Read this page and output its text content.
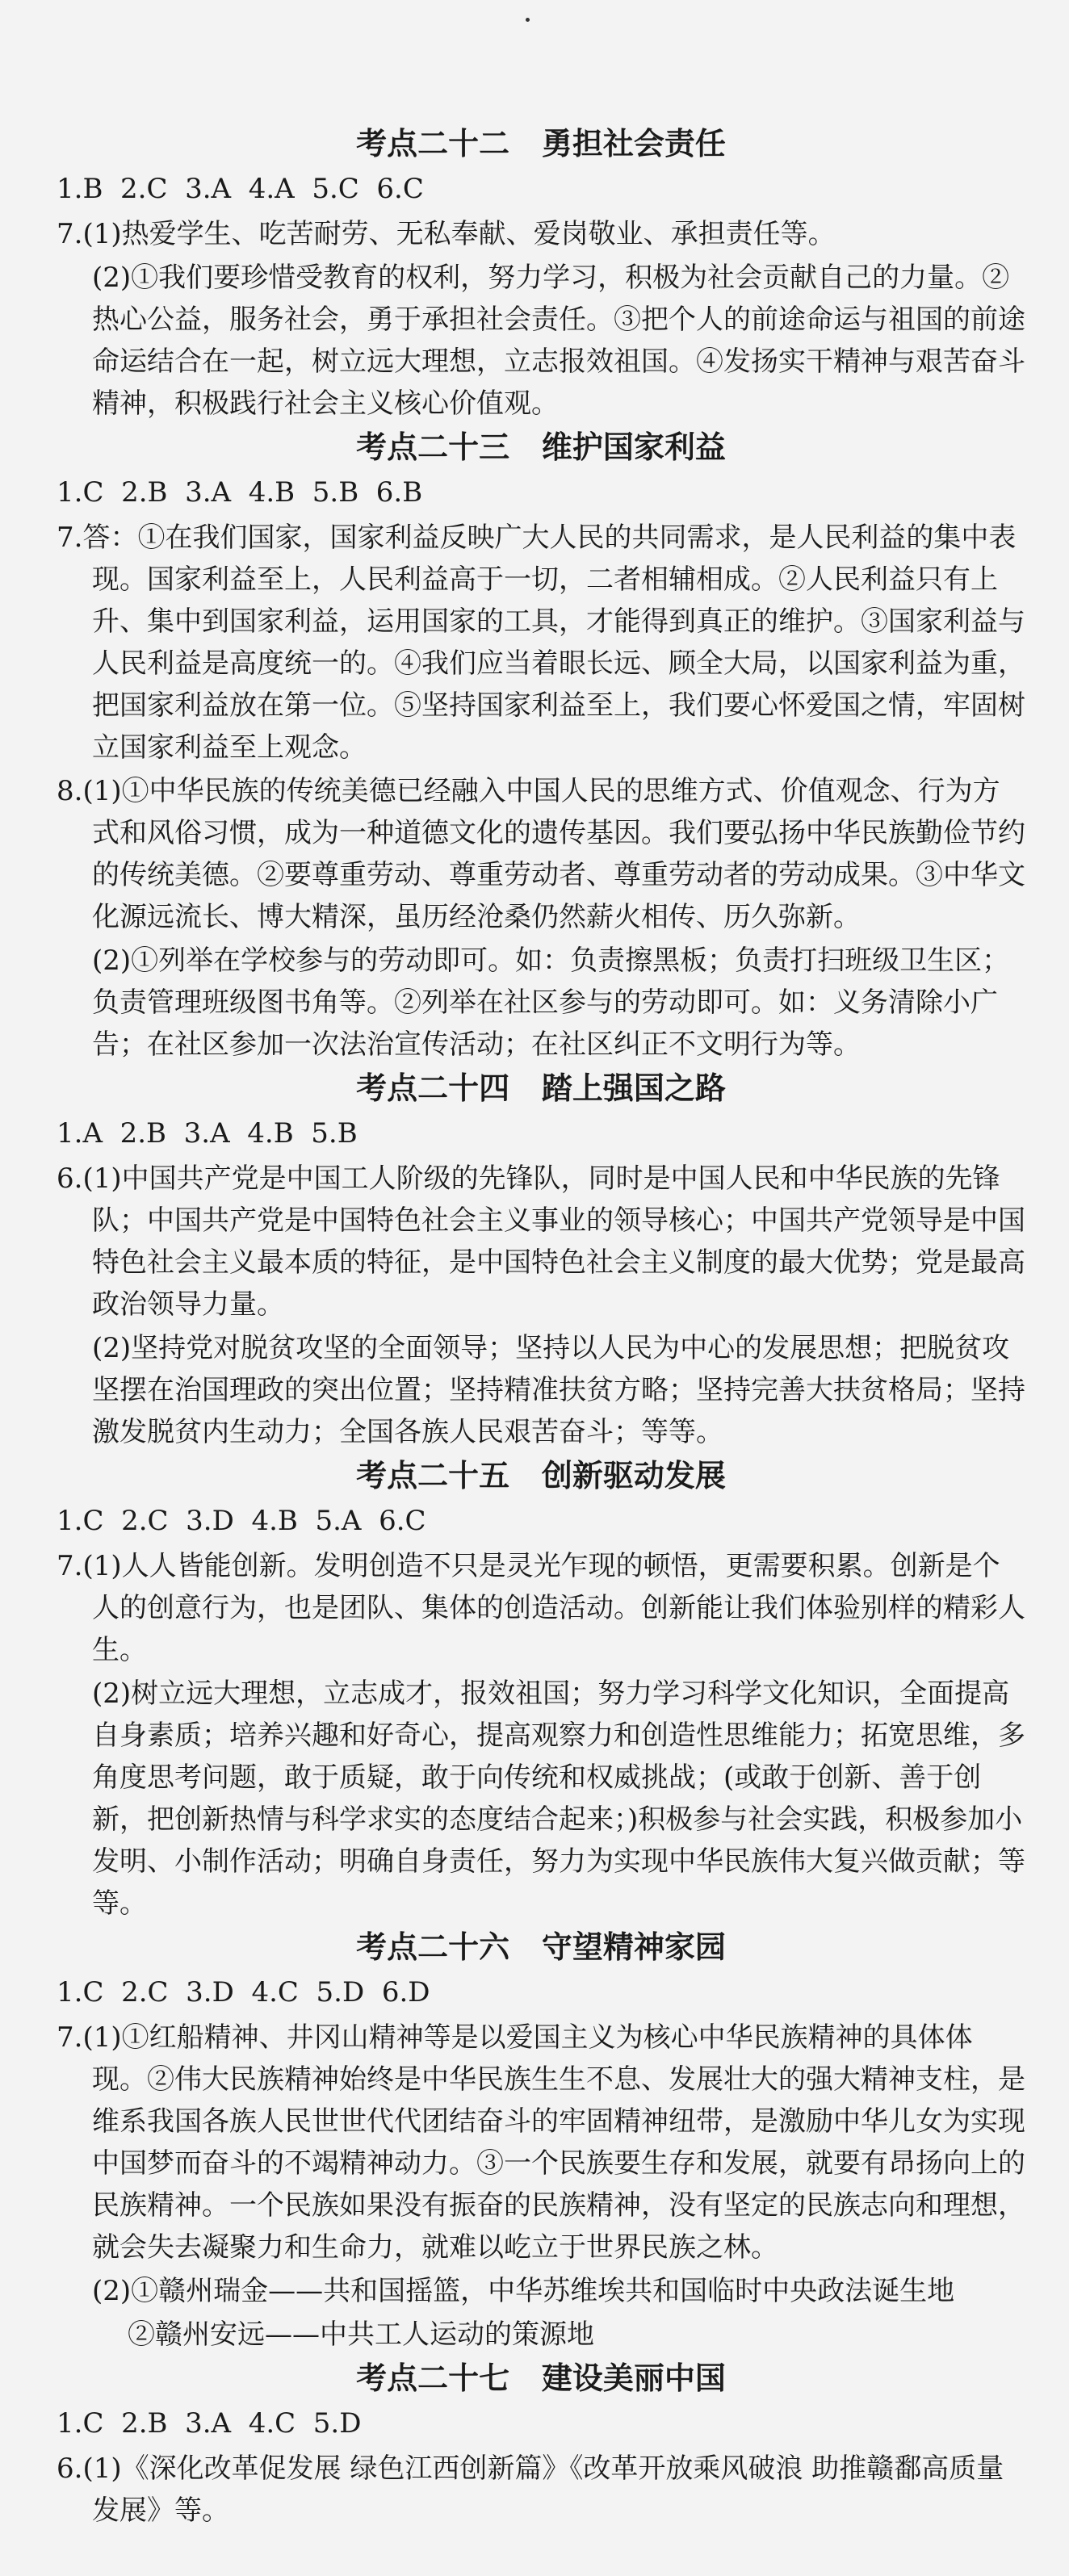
考点二十二   勇担社会责任

1.B  2.C  3.A  4.A  5.C  6.C

7.(1)热爱学生、吃苦耐劳、无私奉献、爱岗敬业、承担责任等。

(2)①我们要珍惜受教育的权利，努力学习，积极为社会贡献自己的力量。②热心公益，服务社会，勇于承担社会责任。③把个人的前途命运与祖国的前途命运结合在一起，树立远大理想，立志报效祖国。④发扬实干精神与艰苦奋斗精神，积极践行社会主义核心价值观。

考点二十三   维护国家利益

1.C  2.B  3.A  4.B  5.B  6.B

7.答：①在我们国家，国家利益反映广大人民的共同需求，是人民利益的集中表现。国家利益至上，人民利益高于一切，二者相辅相成。②人民利益只有上升、集中到国家利益，运用国家的工具，才能得到真正的维护。③国家利益与人民利益是高度统一的。④我们应当着眼长远、顾全大局，以国家利益为重，把国家利益放在第一位。⑤坚持国家利益至上，我们要心怀爱国之情，牢固树立国家利益至上观念。

8.(1)①中华民族的传统美德已经融入中国人民的思维方式、价值观念、行为方式和风俗习惯，成为一种道德文化的遗传基因。我们要弘扬中华民族勤俭节约的传统美德。②要尊重劳动、尊重劳动者、尊重劳动者的劳动成果。③中华文化源远流长、博大精深，虽历经沧桑仍然薪火相传、历久弥新。

(2)①列举在学校参与的劳动即可。如：负责擦黑板；负责打扫班级卫生区；负责管理班级图书角等。②列举在社区参与的劳动即可。如：义务清除小广告；在社区参加一次法治宣传活动；在社区纠正不文明行为等。

考点二十四   踏上强国之路

1.A  2.B  3.A  4.B  5.B

6.(1)中国共产党是中国工人阶级的先锋队，同时是中国人民和中华民族的先锋队；中国共产党是中国特色社会主义事业的领导核心；中国共产党领导是中国特色社会主义最本质的特征，是中国特色社会主义制度的最大优势；党是最高政治领导力量。

(2)坚持党对脱贫攻坚的全面领导；坚持以人民为中心的发展思想；把脱贫攻坚摆在治国理政的突出位置；坚持精准扶贫方略；坚持完善大扶贫格局；坚持激发脱贫内生动力；全国各族人民艰苦奋斗；等等。

考点二十五   创新驱动发展

1.C  2.C  3.D  4.B  5.A  6.C

7.(1)人人皆能创新。发明创造不只是灵光乍现的顿悟，更需要积累。创新是个人的创意行为，也是团队、集体的创造活动。创新能让我们体验别样的精彩人生。

(2)树立远大理想，立志成才，报效祖国；努力学习科学文化知识，全面提高自身素质；培养兴趣和好奇心，提高观察力和创造性思维能力；拓宽思维，多角度思考问题，敢于质疑，敢于向传统和权威挑战；(或敢于创新、善于创新，把创新热情与科学求实的态度结合起来；)积极参与社会实践，积极参加小发明、小制作活动；明确自身责任，努力为实现中华民族伟大复兴做贡献；等等。

考点二十六   守望精神家园

1.C  2.C  3.D  4.C  5.D  6.D

7.(1)①红船精神、井冈山精神等是以爱国主义为核心中华民族精神的具体体现。②伟大民族精神始终是中华民族生生不息、发展壮大的强大精神支柱，是维系我国各族人民世世代代团结奋斗的牢固精神纽带，是激励中华儿女为实现中国梦而奋斗的不竭精神动力。③一个民族要生存和发展，就要有昂扬向上的民族精神。一个民族如果没有振奋的民族精神，没有坚定的民族志向和理想，就会失去凝聚力和生命力，就难以屹立于世界民族之林。

(2)①赣州瑞金——共和国摇篮，中华苏维埃共和国临时中央政法诞生地

②赣州安远——中共工人运动的策源地

考点二十七   建设美丽中国

1.C  2.B  3.A  4.C  5.D

6.(1)《深化改革促发展 绿色江西创新篇》《改革开放乘风破浪 助推赣鄱高质量发展》等。
